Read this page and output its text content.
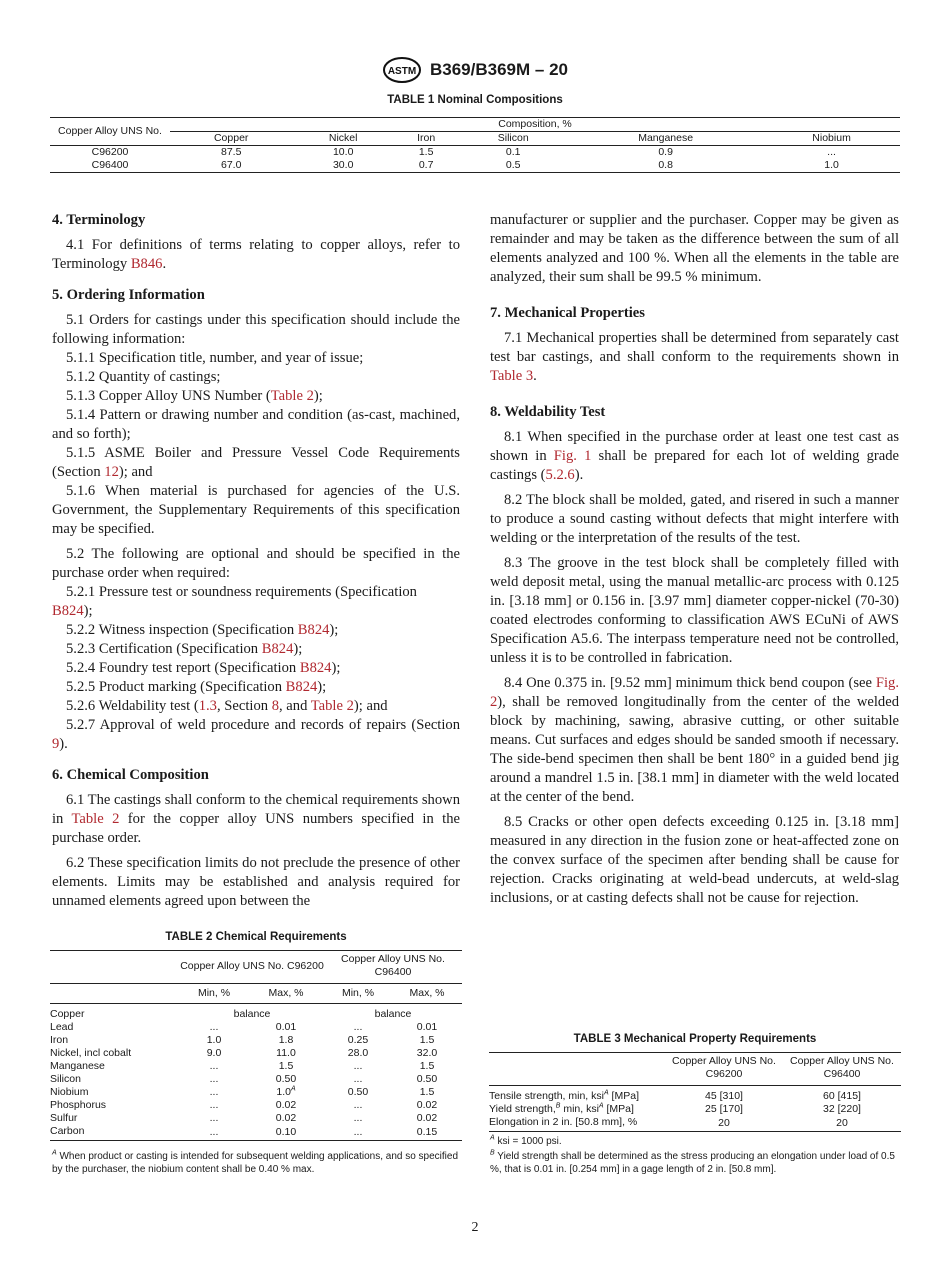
ASTM B369/B369M – 20
TABLE 1 Nominal Compositions
Copper Alloy UNS No.	Composition, %					
	Copper	Nickel	Iron	Silicon	Manganese	Niobium
C96200	87.5	10.0	1.5	0.1	0.9	...
C96400	67.0	30.0	0.7	0.5	0.8	1.0
4. Terminology

4.1 For definitions of terms relating to copper alloys, refer to Terminology B846.

5. Ordering Information

5.1 Orders for castings under this specification should include the following information:

5.1.1 Specification title, number, and year of issue;

5.1.2 Quantity of castings;

5.1.3 Copper Alloy UNS Number (Table 2);

5.1.4 Pattern or drawing number and condition (as-cast, machined, and so forth);

5.1.5 ASME Boiler and Pressure Vessel Code Requirements (Section 12); and

5.1.6 When material is purchased for agencies of the U.S. Government, the Supplementary Requirements of this specification may be specified.

5.2 The following are optional and should be specified in the purchase order when required:

5.2.1 Pressure test or soundness requirements (Specification B824);

5.2.2 Witness inspection (Specification B824);

5.2.3 Certification (Specification B824);

5.2.4 Foundry test report (Specification B824);

5.2.5 Product marking (Specification B824);

5.2.6 Weldability test (1.3, Section 8, and Table 2); and

5.2.7 Approval of weld procedure and records of repairs (Section 9).

6. Chemical Composition

6.1 The castings shall conform to the chemical requirements shown in Table 2 for the copper alloy UNS numbers specified in the purchase order.

6.2 These specification limits do not preclude the presence of other elements. Limits may be established and analysis required for unnamed elements agreed upon between the

TABLE 2 Chemical Requirements
	Copper Alloy UNS No. C96200		Copper Alloy UNS No. C96400	
	Min, %	Max, %	Min, %	Max, %
Copper	balance		balance	
Lead	...	0.01	...	0.01
Iron	1.0	1.8	0.25	1.5
Nickel, incl cobalt	9.0	11.0	28.0	32.0
Manganese	...	1.5	...	1.5
Silicon	...	0.50	...	0.50
Niobium	...	$1.0^A$	0.50	1.5
Phosphorus	...	0.02	...	0.02
Sulfur	...	0.02	...	0.02
Carbon	...	0.10	...	0.15
$^A$ When product or casting is intended for subsequent welding applications, and so specified by the purchaser, the niobium content shall be 0.40 % max.

manufacturer or supplier and the purchaser. Copper may be given as remainder and may be taken as the difference between the sum of all elements analyzed and 100 %. When all the elements in the table are analyzed, their sum shall be 99.5 % minimum.

7. Mechanical Properties

7.1 Mechanical properties shall be determined from separately cast test bar castings, and shall conform to the requirements shown in Table 3.

8. Weldability Test

8.1 When specified in the purchase order at least one test cast as shown in Fig. 1 shall be prepared for each lot of welding grade castings (5.2.6).

8.2 The block shall be molded, gated, and risered in such a manner to produce a sound casting without defects that might interfere with welding or the interpretation of the results of the test.

8.3 The groove in the test block shall be completely filled with weld deposit metal, using the manual metallic-arc process with 0.125 in. [3.18 mm] or 0.156 in. [3.97 mm] diameter copper-nickel (70-30) coated electrodes conforming to classification AWS ECuNi of AWS Specification A5.6. The interpass temperature need not be controlled, unless it is to be controlled in fabrication.

8.4 One 0.375 in. [9.52 mm] minimum thick bend coupon (see Fig. 2), shall be removed longitudinally from the center of the welded block by machining, sawing, abrasive cutting, or other suitable means. Cut surfaces and edges should be sanded smooth if necessary. The side-bend specimen then shall be bent 180° in a guided bend jig around a mandrel 1.5 in. [38.1 mm] in diameter with the weld located at the center of the bend.

8.5 Cracks or other open defects exceeding 0.125 in. [3.18 mm] measured in any direction in the fusion zone or heat-affected zone on the convex surface of the specimen after bending shall be cause for rejection. Cracks originating at weld-bead undercuts, at weld-slag inclusions, or at casting defects shall not be cause for rejection.

TABLE 3 Mechanical Property Requirements
	Copper Alloy UNS No. C96200	Copper Alloy UNS No. C96400
Tensile strength, min, ksi$^A$ [MPa]	45 [310]	60 [415]
Yield strength,$^B$ min, ksi$^A$ [MPa]	25 [170]	32 [220]
Elongation in 2 in. [50.8 mm], %	20	20
$^A$ ksi = 1000 psi.
$^B$ Yield strength shall be determined as the stress producing an elongation under load of 0.5 %, that is 0.01 in. [0.254 mm] in a gage length of 2 in. [50.8 mm].
2
